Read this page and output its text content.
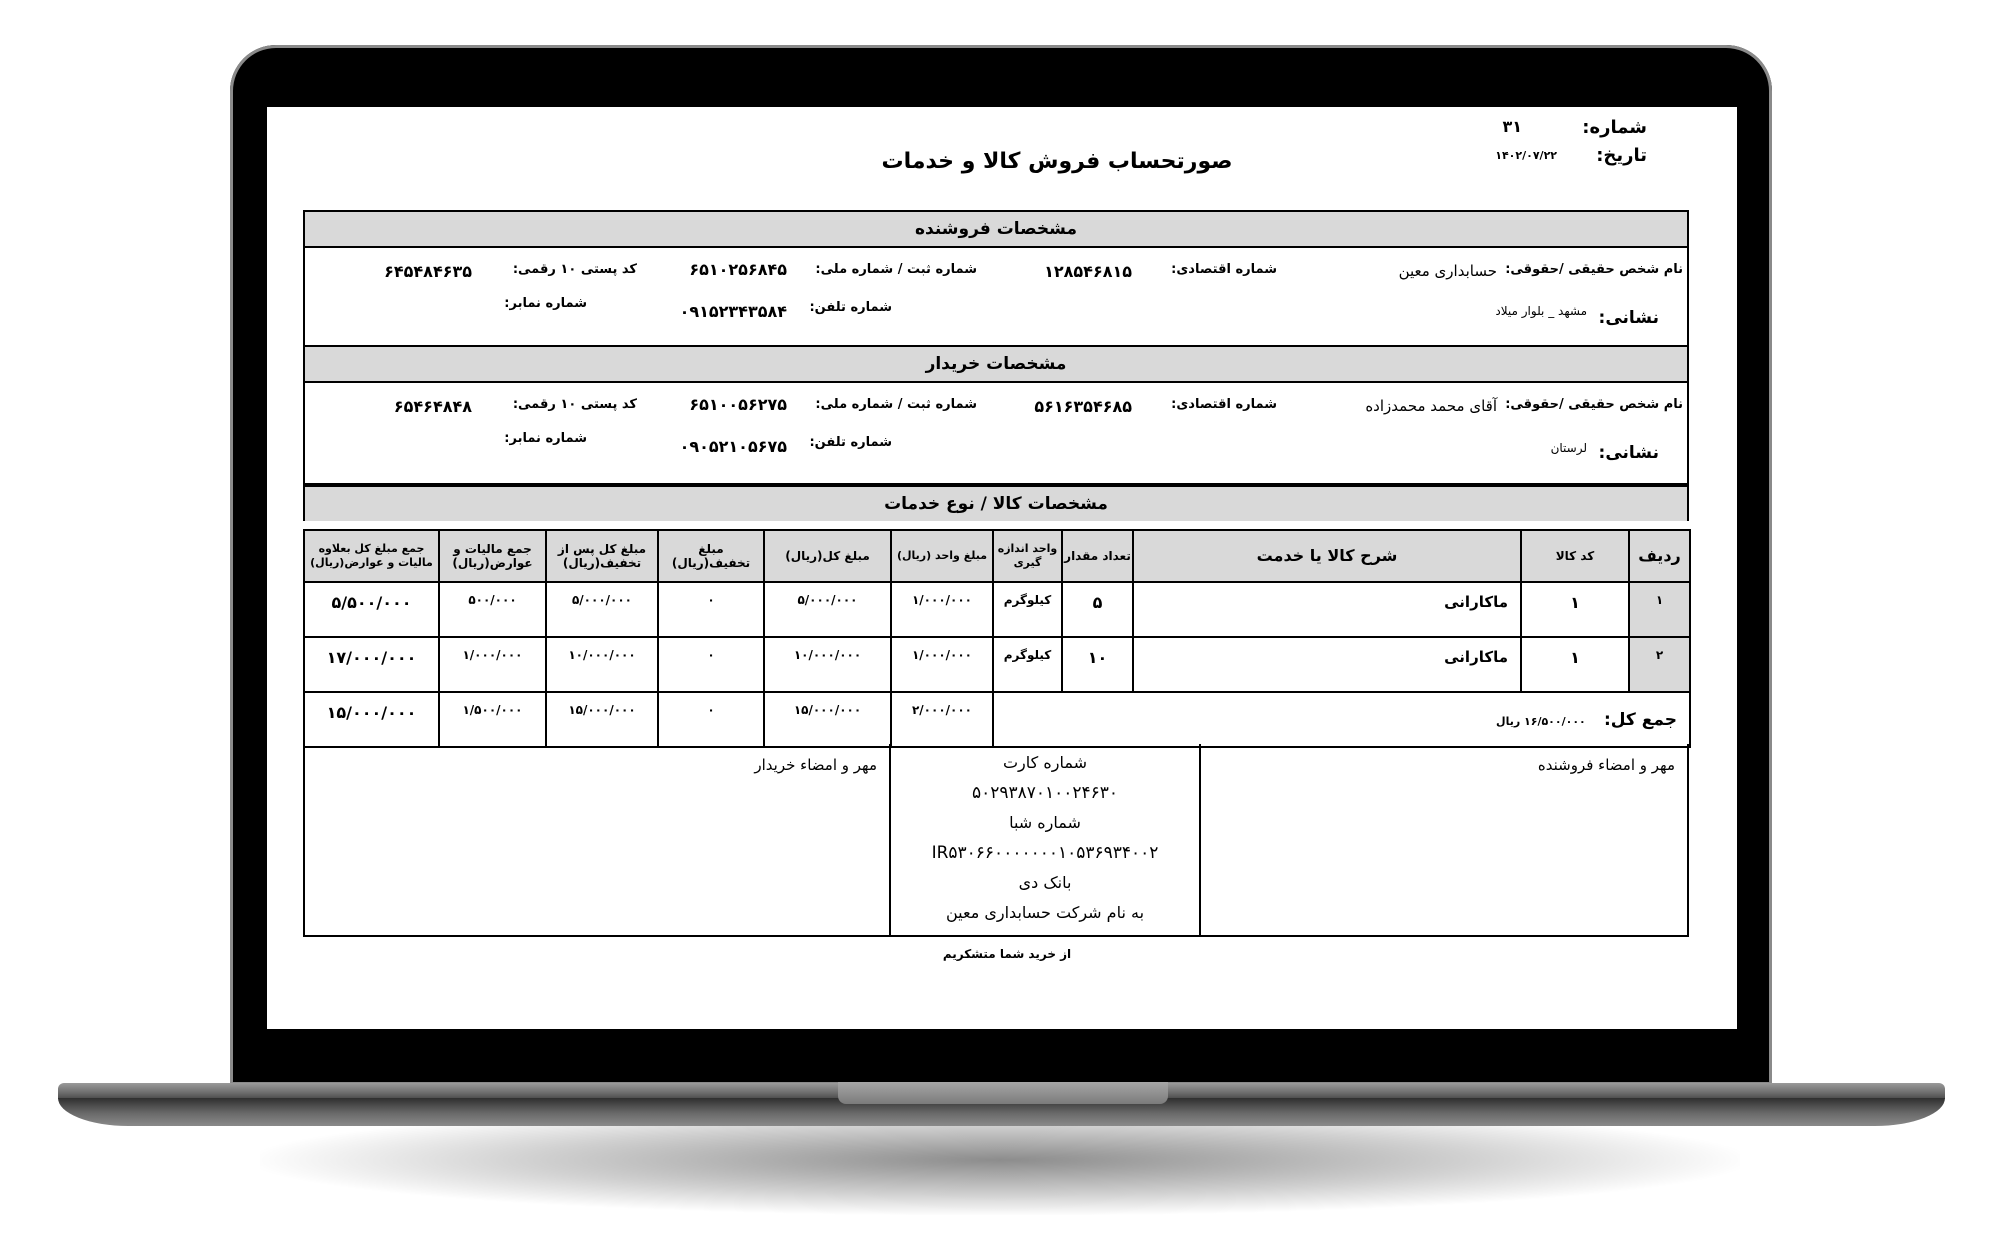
شماره:
۳۱
تاریخ:
۱۴۰۲/۰۷/۲۲
صورتحساب فروش کالا و خدمات
مشخصات فروشنده
نام شخص حقیقی /حقوقی:
حسابداری معین
شماره اقتصادی:
۱۲۸۵۴۶۸۱۵
شماره ثبت / شماره ملی:
۶۵۱۰۲۵۶۸۴۵
کد پستی ۱۰ رقمی:
۶۴۵۴۸۴۶۳۵
نشانی:
مشهد _ بلوار میلاد
شماره تلفن:
۰۹۱۵۲۳۴۳۵۸۴
شماره نمابر:
مشخصات خریدار
نام شخص حقیقی /حقوقی:
آقای محمد محمدزاده
شماره اقتصادی:
۵۶۱۶۳۵۴۶۸۵
شماره ثبت / شماره ملی:
۶۵۱۰۰۵۶۲۷۵
کد پستی ۱۰ رقمی:
۶۵۴۶۴۸۴۸
نشانی:
لرستان
شماره تلفن:
۰۹۰۵۲۱۰۵۶۷۵
شماره نمابر:
مشخصات کالا / نوع خدمات
ردیف	کد کالا	شرح کالا یا خدمت	تعداد مقدار	واحد اندازه گیری	مبلغ واحد (ریال)	مبلغ کل(ریال)	مبلغ تخفیف(ریال)	مبلغ کل پس از تخفیف(ریال)	جمع مالیات و عوارض(ریال)	جمع مبلغ کل بعلاوه مالیات و عوارض(ریال)
۱	۱	ماکارانی	۵	کیلوگرم	۱/۰۰۰/۰۰۰	۵/۰۰۰/۰۰۰	۰	۵/۰۰۰/۰۰۰	۵۰۰/۰۰۰	۵/۵۰۰/۰۰۰
۲	۱	ماکارانی	۱۰	کیلوگرم	۱/۰۰۰/۰۰۰	۱۰/۰۰۰/۰۰۰	۰	۱۰/۰۰۰/۰۰۰	۱/۰۰۰/۰۰۰	۱۷/۰۰۰/۰۰۰
جمع کل: ۱۶/۵۰۰/۰۰۰ ریال					۲/۰۰۰/۰۰۰	۱۵/۰۰۰/۰۰۰	۰	۱۵/۰۰۰/۰۰۰	۱/۵۰۰/۰۰۰	۱۵/۰۰۰/۰۰۰
مهر و امضاء فروشنده
شماره کارت
۵۰۲۹۳۸۷۰۱۰۰۲۴۶۳۰
شماره شبا
IR۵۳۰۶۶۰۰۰۰۰۰۰۱۰۵۳۶۹۳۴۰۰۲
بانک دی
به نام شرکت حسابداری معین
مهر و امضاء خریدار
از خرید شما متشکریم
